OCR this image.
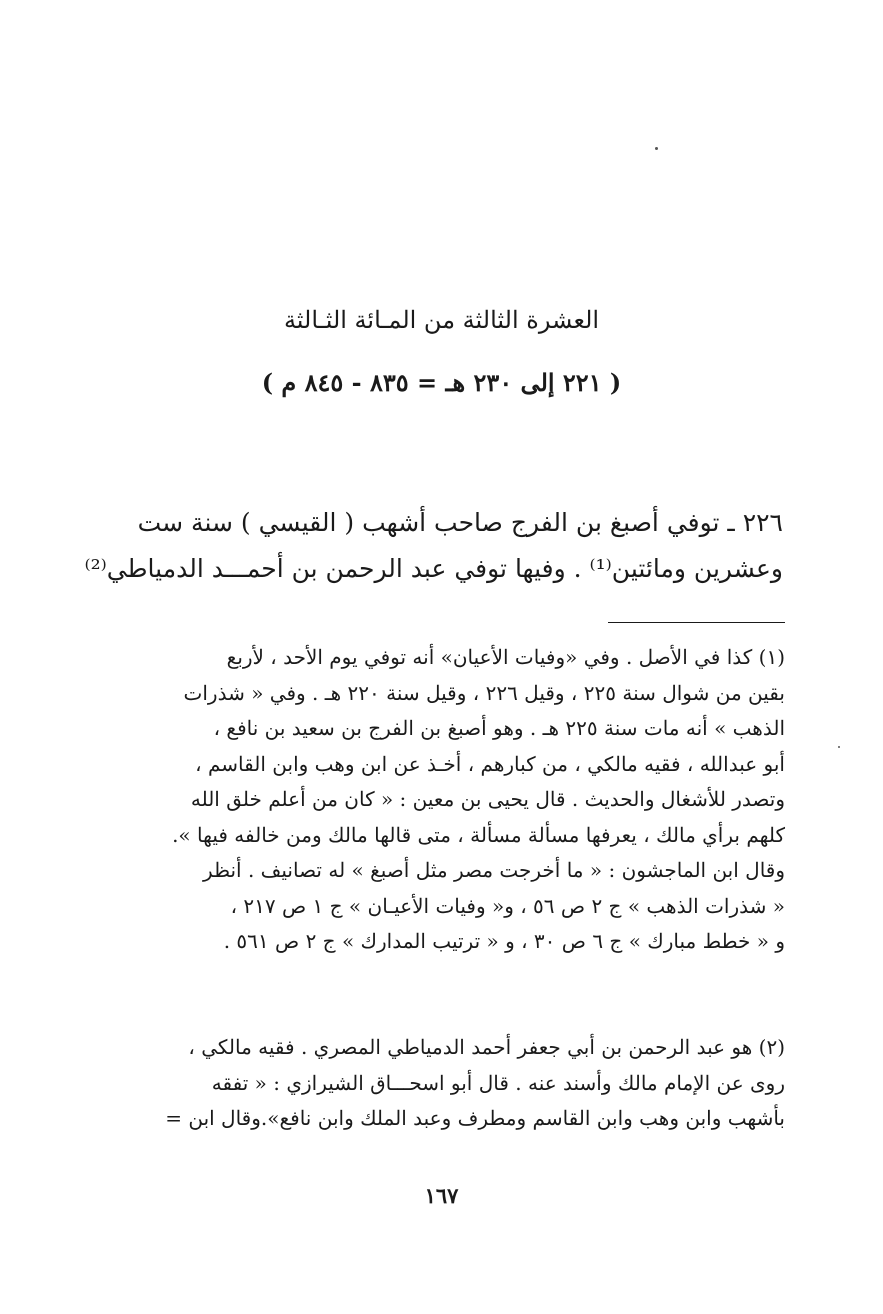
العشرة الثالثة من المـائة الثـالثة
( ٢٢١ إلى ٢٣٠ هـ = ٨٣٥ - ٨٤٥ م )
٢٢٦ ـ توفي أصبغ بن الفرج صاحب أشهب ( القيسي ) سنة ست
وعشرين ومائتين⁽¹⁾ . وفيها توفي عبد الرحمن بن أحمـــد الدمياطي⁽²⁾
(١) كذا في الأصل . وفي «وفيات الأعيان» أنه توفي يوم الأحد ، لأربع
بقين من شوال سنة ٢٢٥ ، وقيل ٢٢٦ ، وقيل سنة ٢٢٠ هـ . وفي « شذرات
الذهب » أنه مات سنة ٢٢٥ هـ . وهو أصبغ بن الفرج بن سعيد بن نافع ،
أبو عبدالله ، فقيه مالكي ، من كبارهم ، أخـذ عن ابن وهب وابن القاسم ،
وتصدر للأشغال والحديث . قال يحيى بن معين : « كان من أعلم خلق الله
كلهم برأي مالك ، يعرفها مسألة مسألة ، متى قالها مالك ومن خالفه فيها ».
وقال ابن الماجشون : « ما أخرجت مصر مثل أصبغ » له تصانيف . أنظر
« شذرات الذهب » ج ٢ ص ٥٦ ، و« وفيات الأعيـان » ج ١ ص ٢١٧ ،
و « خطط مبارك » ج ٦ ص ٣٠ ، و « ترتيب المدارك » ج ٢ ص ٥٦١ .
(٢) هو عبد الرحمن بن أبي جعفر أحمد الدمياطي المصري . فقيه مالكي ،
روى عن الإمام مالك وأسند عنه . قال أبو اسحـــاق الشيرازي : « تفقه
بأشهب وابن وهب وابن القاسم ومطرف وعبد الملك وابن نافع».وقال ابن =
١٦٧
